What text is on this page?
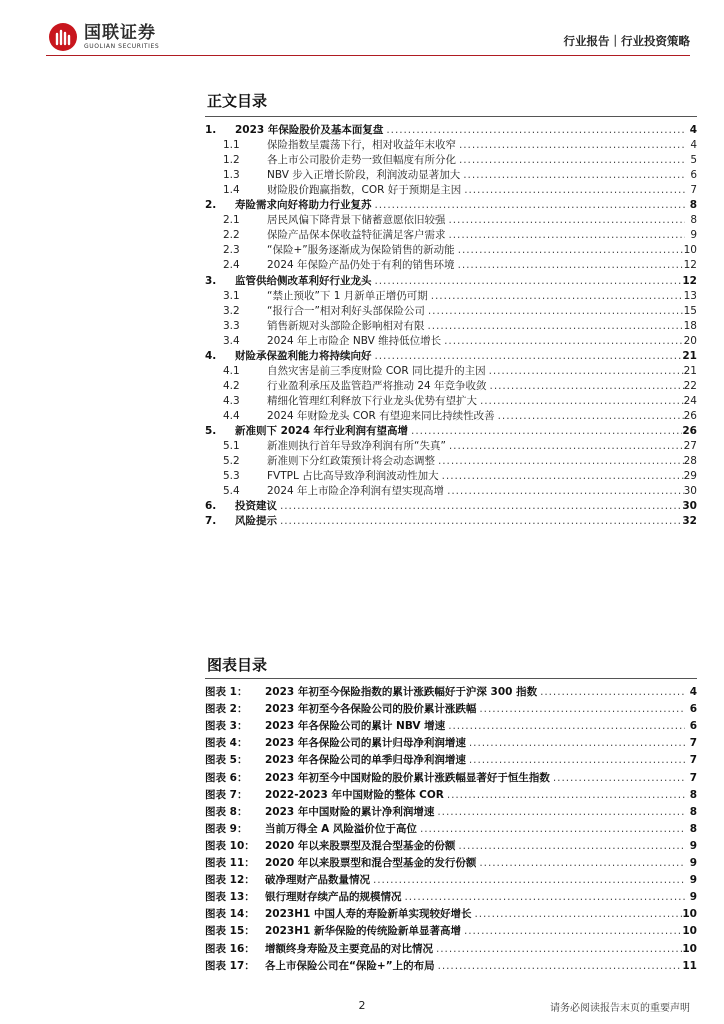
国联证券
GUOLIAN SECURITIES	行业报告｜行业投资策略
正文目录
1.	2023 年保险股价及基本面复盘 . . .	4
1.1	保险指数呈震荡下行，相对收益年末收窄 . . .	4
1.2	各上市公司股价走势一致但幅度有所分化 . . .	5
1.3	NBV 步入正增长阶段，利润波动显著加大 . . .	6
1.4	财险股价跑赢指数，COR 好于预期是主因 . . .	7
2.	寿险需求向好将助力行业复苏 . . .	8
2.1	居民风偏下降背景下储蓄意愿依旧较强 . . .	8
2.2	保险产品保本保收益特征满足客户需求 . . .	9
2.3	“保险+”服务逐渐成为保险销售的新动能 . . .	10
2.4	2024 年保险产品仍处于有利的销售环境 . . .	12
3.	监管供给侧改革利好行业龙头 . . .	12
3.1	“禁止预收”下 1 月新单正增仍可期 . . .	13
3.2	“报行合一”相对利好头部保险公司 . . .	15
3.3	销售新规对头部险企影响相对有限 . . .	18
3.4	2024 年上市险企 NBV 维持低位增长 . . .	20
4.	财险承保盈利能力将持续向好 . . .	21
4.1	自然灾害是前三季度财险 COR 同比提升的主因 . . .	21
4.2	行业盈利承压及监管趋严将推动 24 年竞争收敛 . . .	22
4.3	精细化管理红利释放下行业龙头优势有望扩大 . . .	24
4.4	2024 年财险龙头 COR 有望迎来同比持续性改善 . . .	26
5.	新准则下 2024 年行业利润有望高增 . . .	26
5.1	新准则执行首年导致净利润有所“失真” . . .	27
5.2	新准则下分红政策预计将会动态调整 . . .	28
5.3	FVTPL 占比高导致净利润波动性加大 . . .	29
5.4	2024 年上市险企净利润有望实现高增 . . .	30
6.	投资建议 . . .	30
7.	风险提示 . . .	32
图表目录
图表 1：	2023 年初至今保险指数的累计涨跌幅好于沪深 300 指数 . . .	4
图表 2：	2023 年初至今各保险公司的股价累计涨跌幅 . . .	6
图表 3：	2023 年各保险公司的累计 NBV 增速 . . .	6
图表 4：	2023 年各保险公司的累计归母净利润增速 . . .	7
图表 5：	2023 年各保险公司的单季归母净利润增速 . . .	7
图表 6：	2023 年初至今中国财险的股价累计涨跌幅显著好于恒生指数 . . .	7
图表 7：	2022-2023 年中国财险的整体 COR . . .	8
图表 8：	2023 年中国财险的累计净利润增速 . . .	8
图表 9：	当前万得全 A 风险溢价位于高位 . . .	8
图表 10： 2020 年以来股票型及混合型基金的份额 . . .	9
图表 11： 2020 年以来股票型和混合型基金的发行份额 . . .	9
图表 12： 破净理财产品数量情况 . . .	9
图表 13： 银行理财存续产品的规模情况 . . .	9
图表 14： 2023H1 中国人寿的寿险新单实现较好增长 . . .	10
图表 15： 2023H1 新华保险的传统险新单显著高增 . . .	10
图表 16： 增额终身寿险及主要竞品的对比情况 . . .	10
图表 17： 各上市保险公司在“保险+”上的布局 . . .	11
2	请务必阅读报告末页的重要声明
